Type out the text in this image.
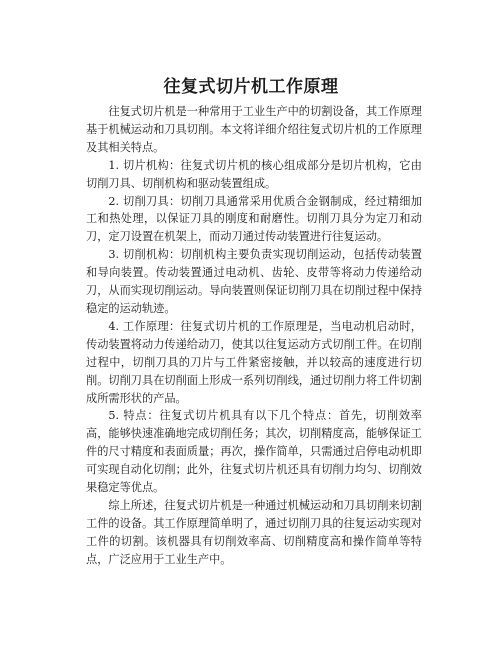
往复式切片机工作原理

往复式切片机是一种常用于工业生产中的切割设备，其工作原理基于机械运动和刀具切削。本文将详细介绍往复式切片机的工作原理及其相关特点。

1. 切片机构：往复式切片机的核心组成部分是切片机构，它由切削刀具、切削机构和驱动装置组成。

2. 切削刀具：切削刀具通常采用优质合金钢制成，经过精细加工和热处理，以保证刀具的刚度和耐磨性。切削刀具分为定刀和动刀，定刀设置在机架上，而动刀通过传动装置进行往复运动。

3. 切削机构：切削机构主要负责实现切削运动，包括传动装置和导向装置。传动装置通过电动机、齿轮、皮带等将动力传递给动刀，从而实现切削运动。导向装置则保证切削刀具在切削过程中保持稳定的运动轨迹。

4. 工作原理：往复式切片机的工作原理是，当电动机启动时，传动装置将动力传递给动刀，使其以往复运动方式切削工件。在切削过程中，切削刀具的刀片与工件紧密接触，并以较高的速度进行切削。切削刀具在切削面上形成一系列切削线，通过切削力将工件切割成所需形状的产品。

5. 特点：往复式切片机具有以下几个特点：首先，切削效率高，能够快速准确地完成切削任务；其次，切削精度高，能够保证工件的尺寸精度和表面质量；再次，操作简单，只需通过启停电动机即可实现自动化切削；此外，往复式切片机还具有切削力均匀、切削效果稳定等优点。

综上所述，往复式切片机是一种通过机械运动和刀具切削来切割工件的设备。其工作原理简单明了，通过切削刀具的往复运动实现对工件的切割。该机器具有切削效率高、切削精度高和操作简单等特点，广泛应用于工业生产中。
